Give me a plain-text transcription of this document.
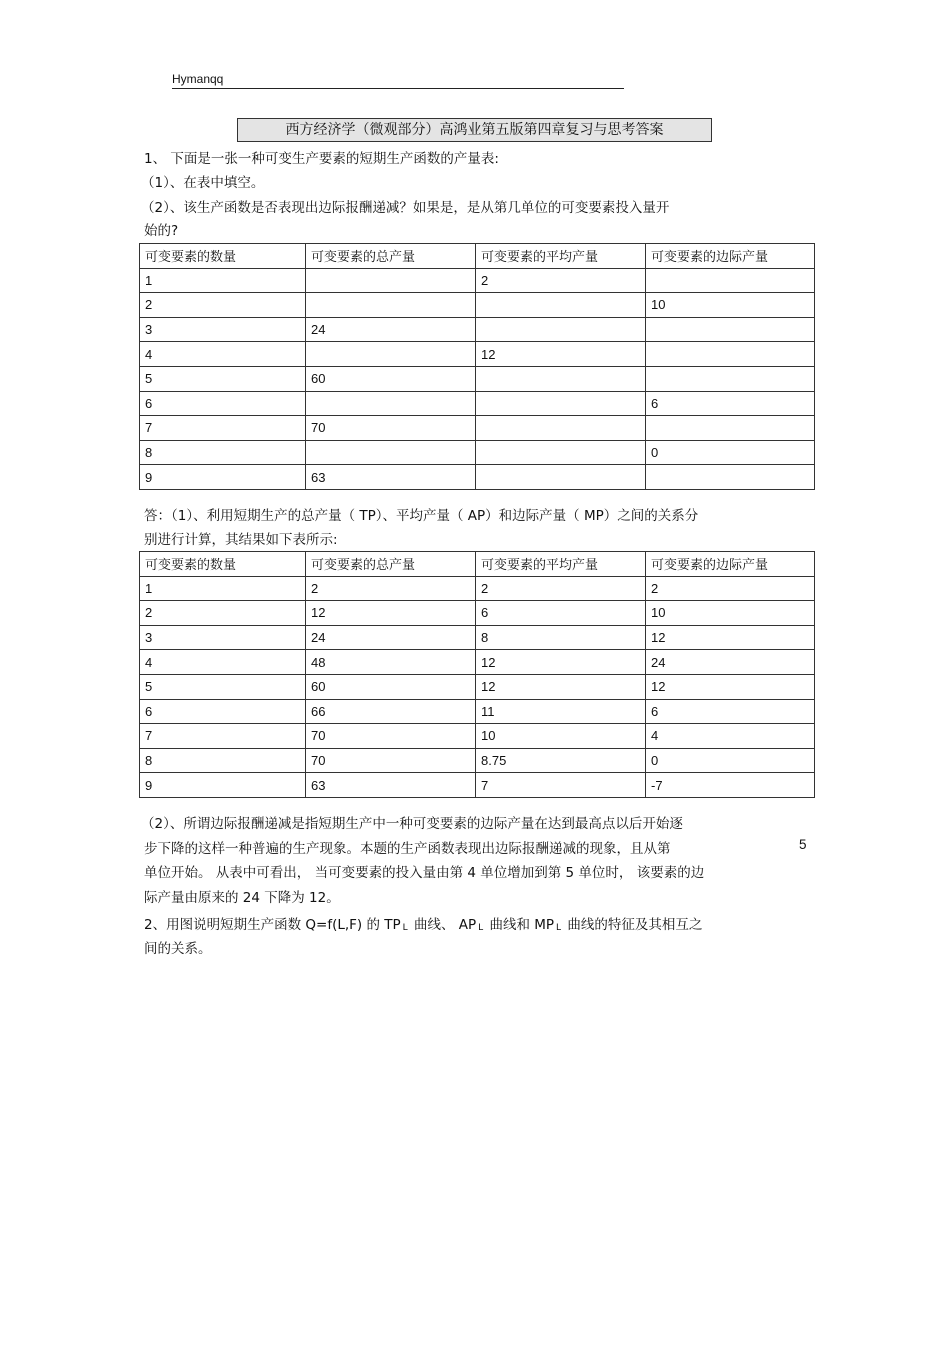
Hymanqq
西方经济学（微观部分）高鸿业第五版第四章复习与思考答案
1、 下面是一张一种可变生产要素的短期生产函数的产量表:
（1）、在表中填空。
（2）、该生产函数是否表现出边际报酬递减？如果是，是从第几单位的可变要素投入量开
始的?
可变要素的数量	可变要素的总产量	可变要素的平均产量	可变要素的边际产量
1		2	
2			10
3	24		
4		12	
5	60		
6			6
7	70		
8			0
9	63		
答：（1）、利用短期生产的总产量（ TP）、平均产量（ AP）和边际产量（ MP）之间的关系分
别进行计算，其结果如下表所示:
可变要素的数量	可变要素的总产量	可变要素的平均产量	可变要素的边际产量
1	2	2	2
2	12	6	10
3	24	8	12
4	48	12	24
5	60	12	12
6	66	11	6
7	70	10	4
8	70	8.75	0
9	63	7	-7
（2）、所谓边际报酬递减是指短期生产中一种可变要素的边际产量在达到最高点以后开始逐
步下降的这样一种普遍的生产现象。本题的生产函数表现出边际报酬递减的现象，且从第	5
单位开始。 从表中可看出， 当可变要素的投入量由第 4 单位增加到第 5 单位时， 该要素的边
际产量由原来的 24 下降为 12。
2、用图说明短期生产函数 Q=f(L,F) 的 TP $_L$ 曲线、 AP $_L$ 曲线和 MP $_L$ 曲线的特征及其相互之
间的关系。
